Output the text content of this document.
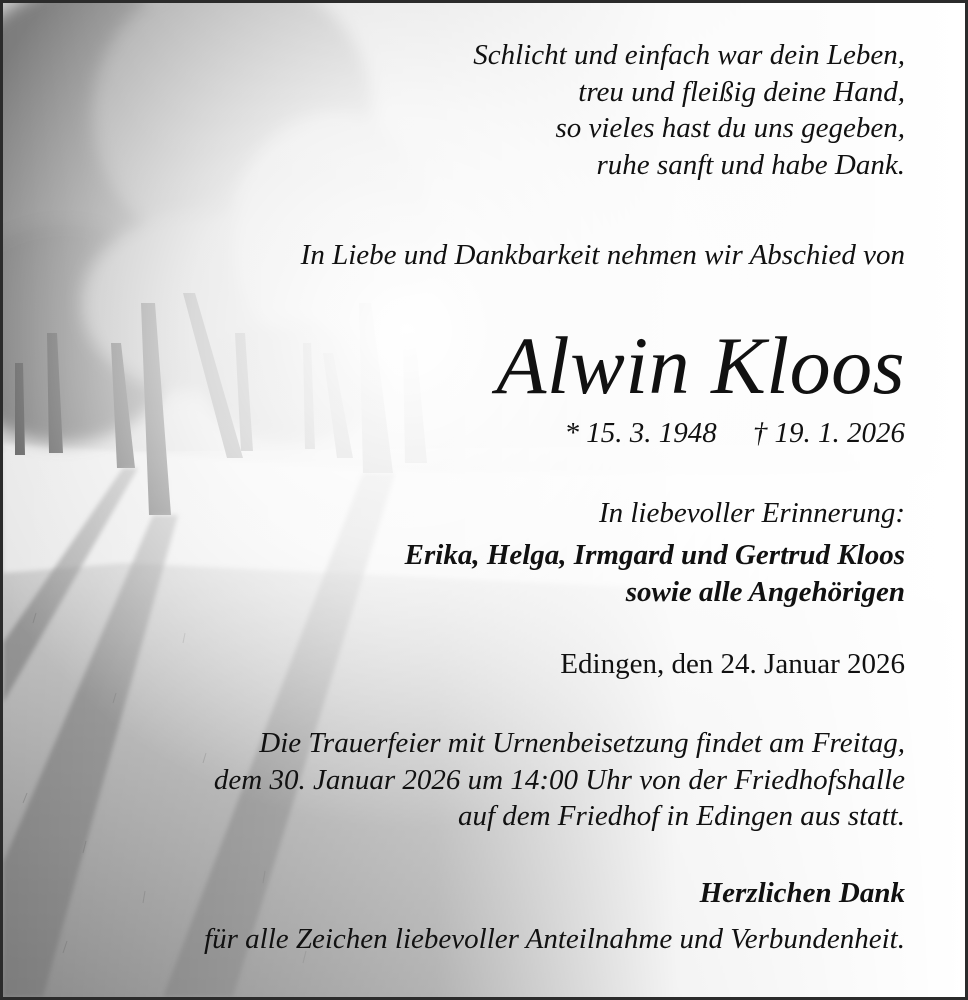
Schlicht und einfach war dein Leben,
treu und fleißig deine Hand,
so vieles hast du uns gegeben,
ruhe sanft und habe Dank.

In Liebe und Dankbarkeit nehmen wir Abschied von

Alwin Kloos

* 15. 3. 1948 † 19. 1. 2026

In liebevoller Erinnerung:

Erika, Helga, Irmgard und Gertrud Kloos
sowie alle Angehörigen

Edingen, den 24. Januar 2026

Die Trauerfeier mit Urnenbeisetzung findet am Freitag,
dem 30. Januar 2026 um 14:00 Uhr von der Friedhofshalle
auf dem Friedhof in Edingen aus statt.

Herzlichen Dank

für alle Zeichen liebevoller Anteilnahme und Verbundenheit.
